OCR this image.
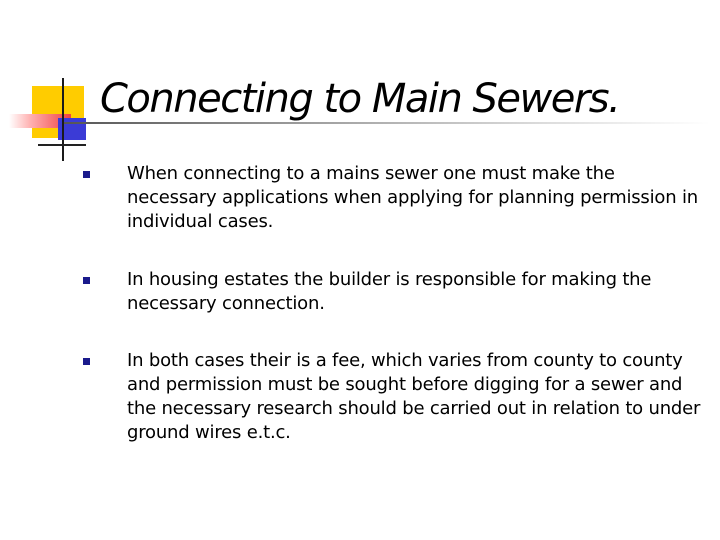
Connecting to Main Sewers.
When connecting to a mains sewer one must make the necessary applications when applying for planning permission in individual cases.
In housing estates the builder is responsible for making the necessary connection.
In both cases their is a fee, which varies from county to county and permission must be sought before digging for a sewer and the necessary research should be carried out in relation to under ground wires e.t.c.
